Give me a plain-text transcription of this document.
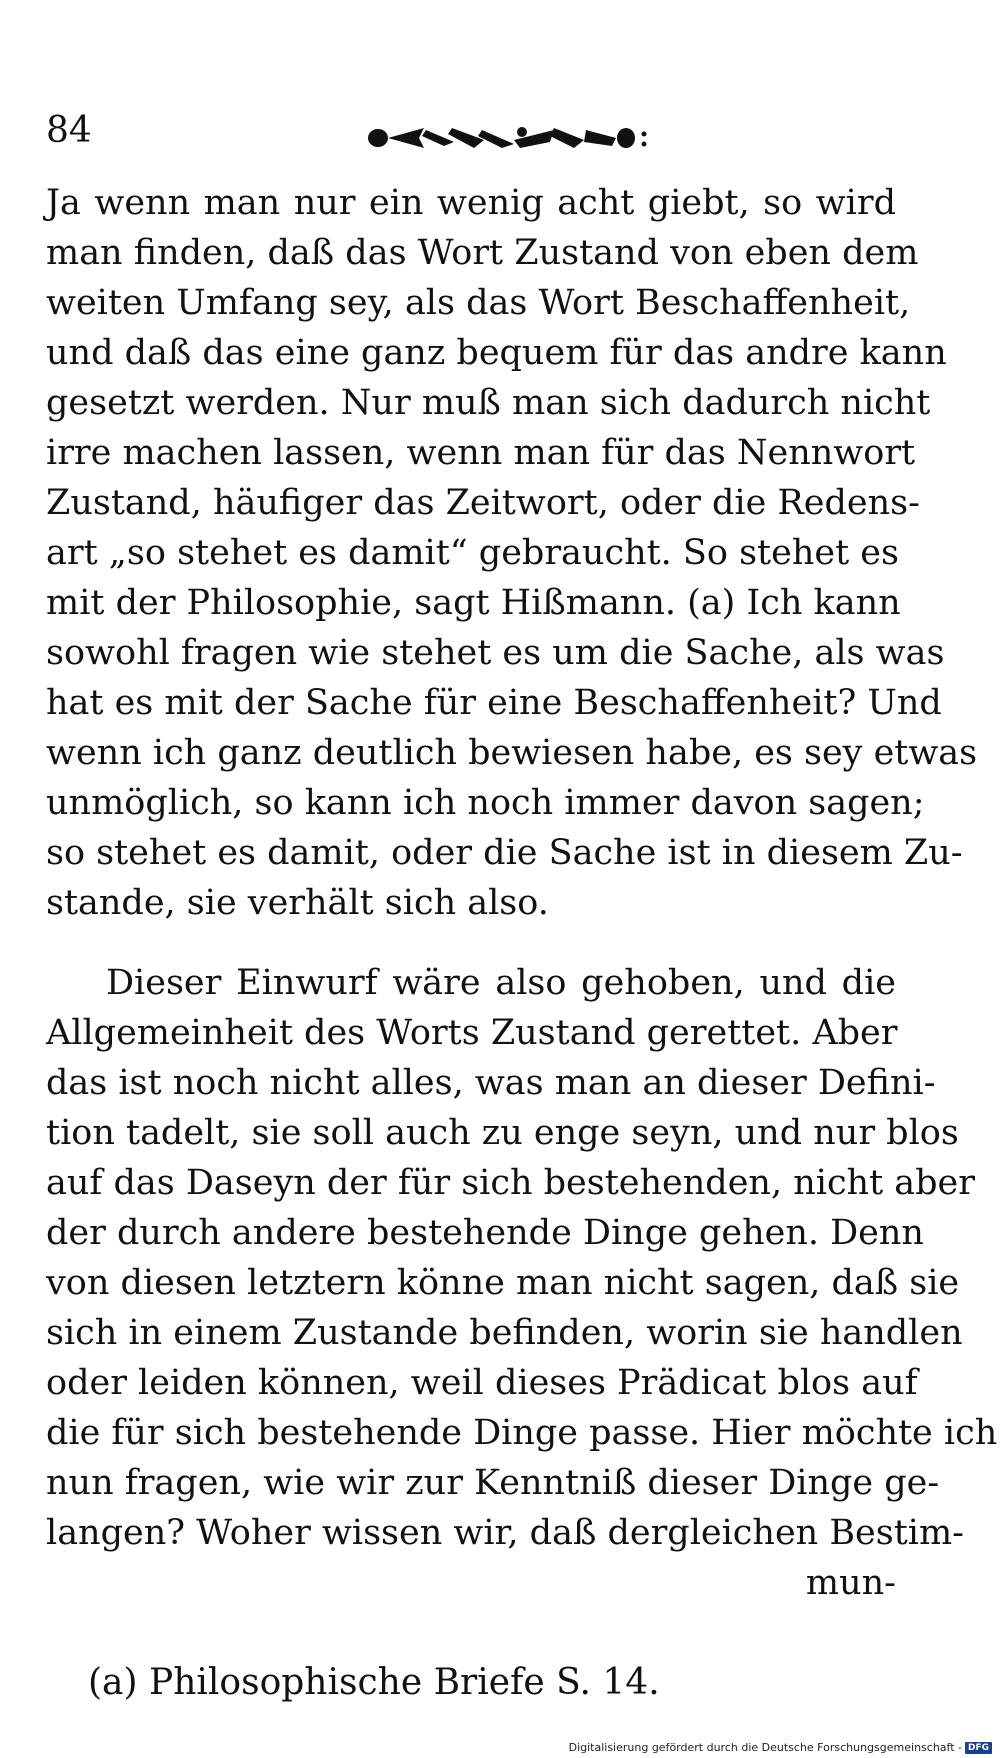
84
Ja wenn man nur ein wenig acht giebt, so wird
man finden, daß das Wort Zustand von eben dem
weiten Umfang sey, als das Wort Beschaffenheit,
und daß das eine ganz bequem für das andre kann
gesetzt werden. Nur muß man sich dadurch nicht
irre machen lassen, wenn man für das Nennwort
Zustand, häufiger das Zeitwort, oder die Redens-
art „so stehet es damit“ gebraucht. So stehet es
mit der Philosophie, sagt Hißmann. (a) Ich kann
sowohl fragen wie stehet es um die Sache, als was
hat es mit der Sache für eine Beschaffenheit? Und
wenn ich ganz deutlich bewiesen habe, es sey etwas
unmöglich, so kann ich noch immer davon sagen;
so stehet es damit, oder die Sache ist in diesem Zu-
stande, sie verhält sich also.
Dieser Einwurf wäre also gehoben, und die
Allgemeinheit des Worts Zustand gerettet. Aber
das ist noch nicht alles, was man an dieser Defini-
tion tadelt, sie soll auch zu enge seyn, und nur blos
auf das Daseyn der für sich bestehenden, nicht aber
der durch andere bestehende Dinge gehen. Denn
von diesen letztern könne man nicht sagen, daß sie
sich in einem Zustande befinden, worin sie handlen
oder leiden können, weil dieses Prädicat blos auf
die für sich bestehende Dinge passe. Hier möchte ich
nun fragen, wie wir zur Kenntniß dieser Dinge ge-
langen? Woher wissen wir, daß dergleichen Bestim-
mun-
(a) Philosophische Briefe S. 14.
Digitalisierung gefördert durch die Deutsche Forschungsgemeinschaft - DFG
